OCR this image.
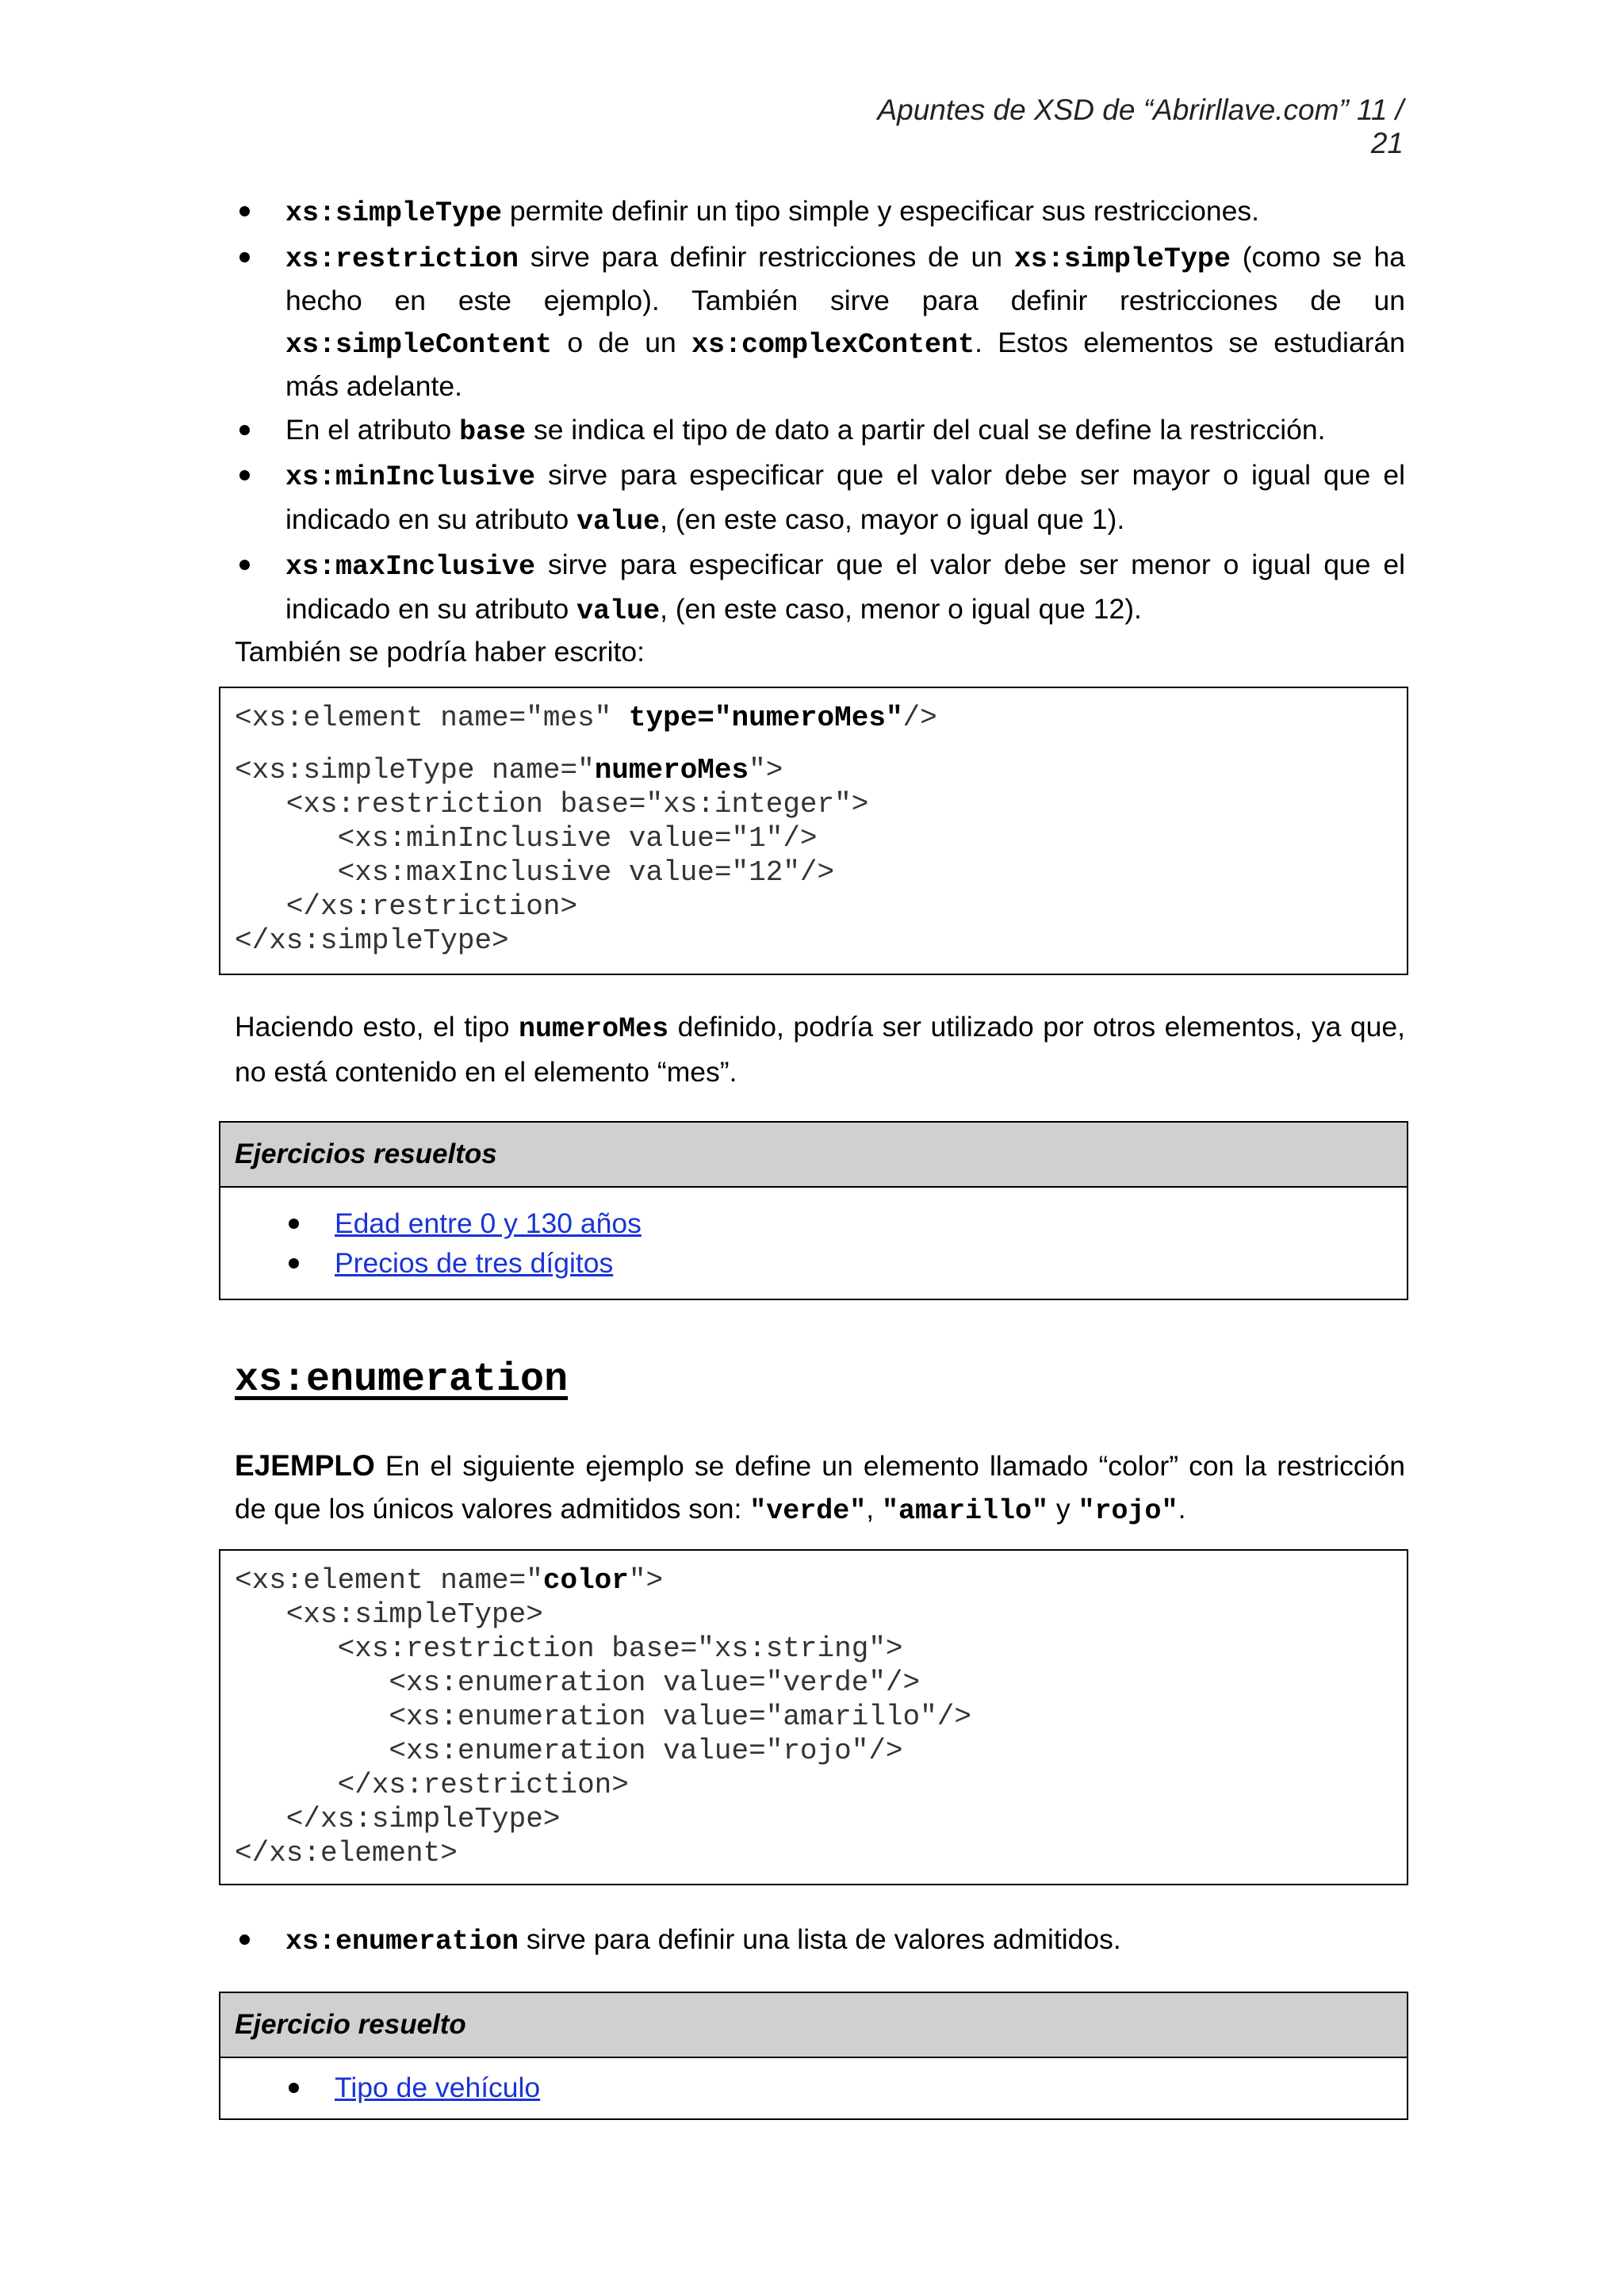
Apuntes de XSD de “Abrirllave.com” 11 / 21
xs:simpleType permite definir un tipo simple y especificar sus restricciones.
xs:restriction sirve para definir restricciones de un xs:simpleType (como se ha hecho en este ejemplo). También sirve para definir restricciones de un xs:simpleContent o de un xs:complexContent. Estos elementos se estudiarán más adelante.
En el atributo base se indica el tipo de dato a partir del cual se define la restricción.
xs:minInclusive sirve para especificar que el valor debe ser mayor o igual que el indicado en su atributo value, (en este caso, mayor o igual que 1).
xs:maxInclusive sirve para especificar que el valor debe ser menor o igual que el indicado en su atributo value, (en este caso, menor o igual que 12).
También se podría haber escrito:
<xs:element name="mes" type="numeroMes"/>
<xs:simpleType name="numeroMes">
<xs:restriction base="xs:integer">
<xs:minInclusive value="1"/>
<xs:maxInclusive value="12"/>
</xs:restriction>
</xs:simpleType>
Haciendo esto, el tipo numeroMes definido, podría ser utilizado por otros elementos, ya que, no está contenido en el elemento “mes”.
Ejercicios resueltos
Edad entre 0 y 130 años
Precios de tres dígitos
xs:enumeration
EJEMPLO En el siguiente ejemplo se define un elemento llamado “color” con la restricción de que los únicos valores admitidos son: "verde", "amarillo" y "rojo".
<xs:element name="color">
<xs:simpleType>
<xs:restriction base="xs:string">
<xs:enumeration value="verde"/>
<xs:enumeration value="amarillo"/>
<xs:enumeration value="rojo"/>
</xs:restriction>
</xs:simpleType>
</xs:element>
xs:enumeration sirve para definir una lista de valores admitidos.
Ejercicio resuelto
Tipo de vehículo
